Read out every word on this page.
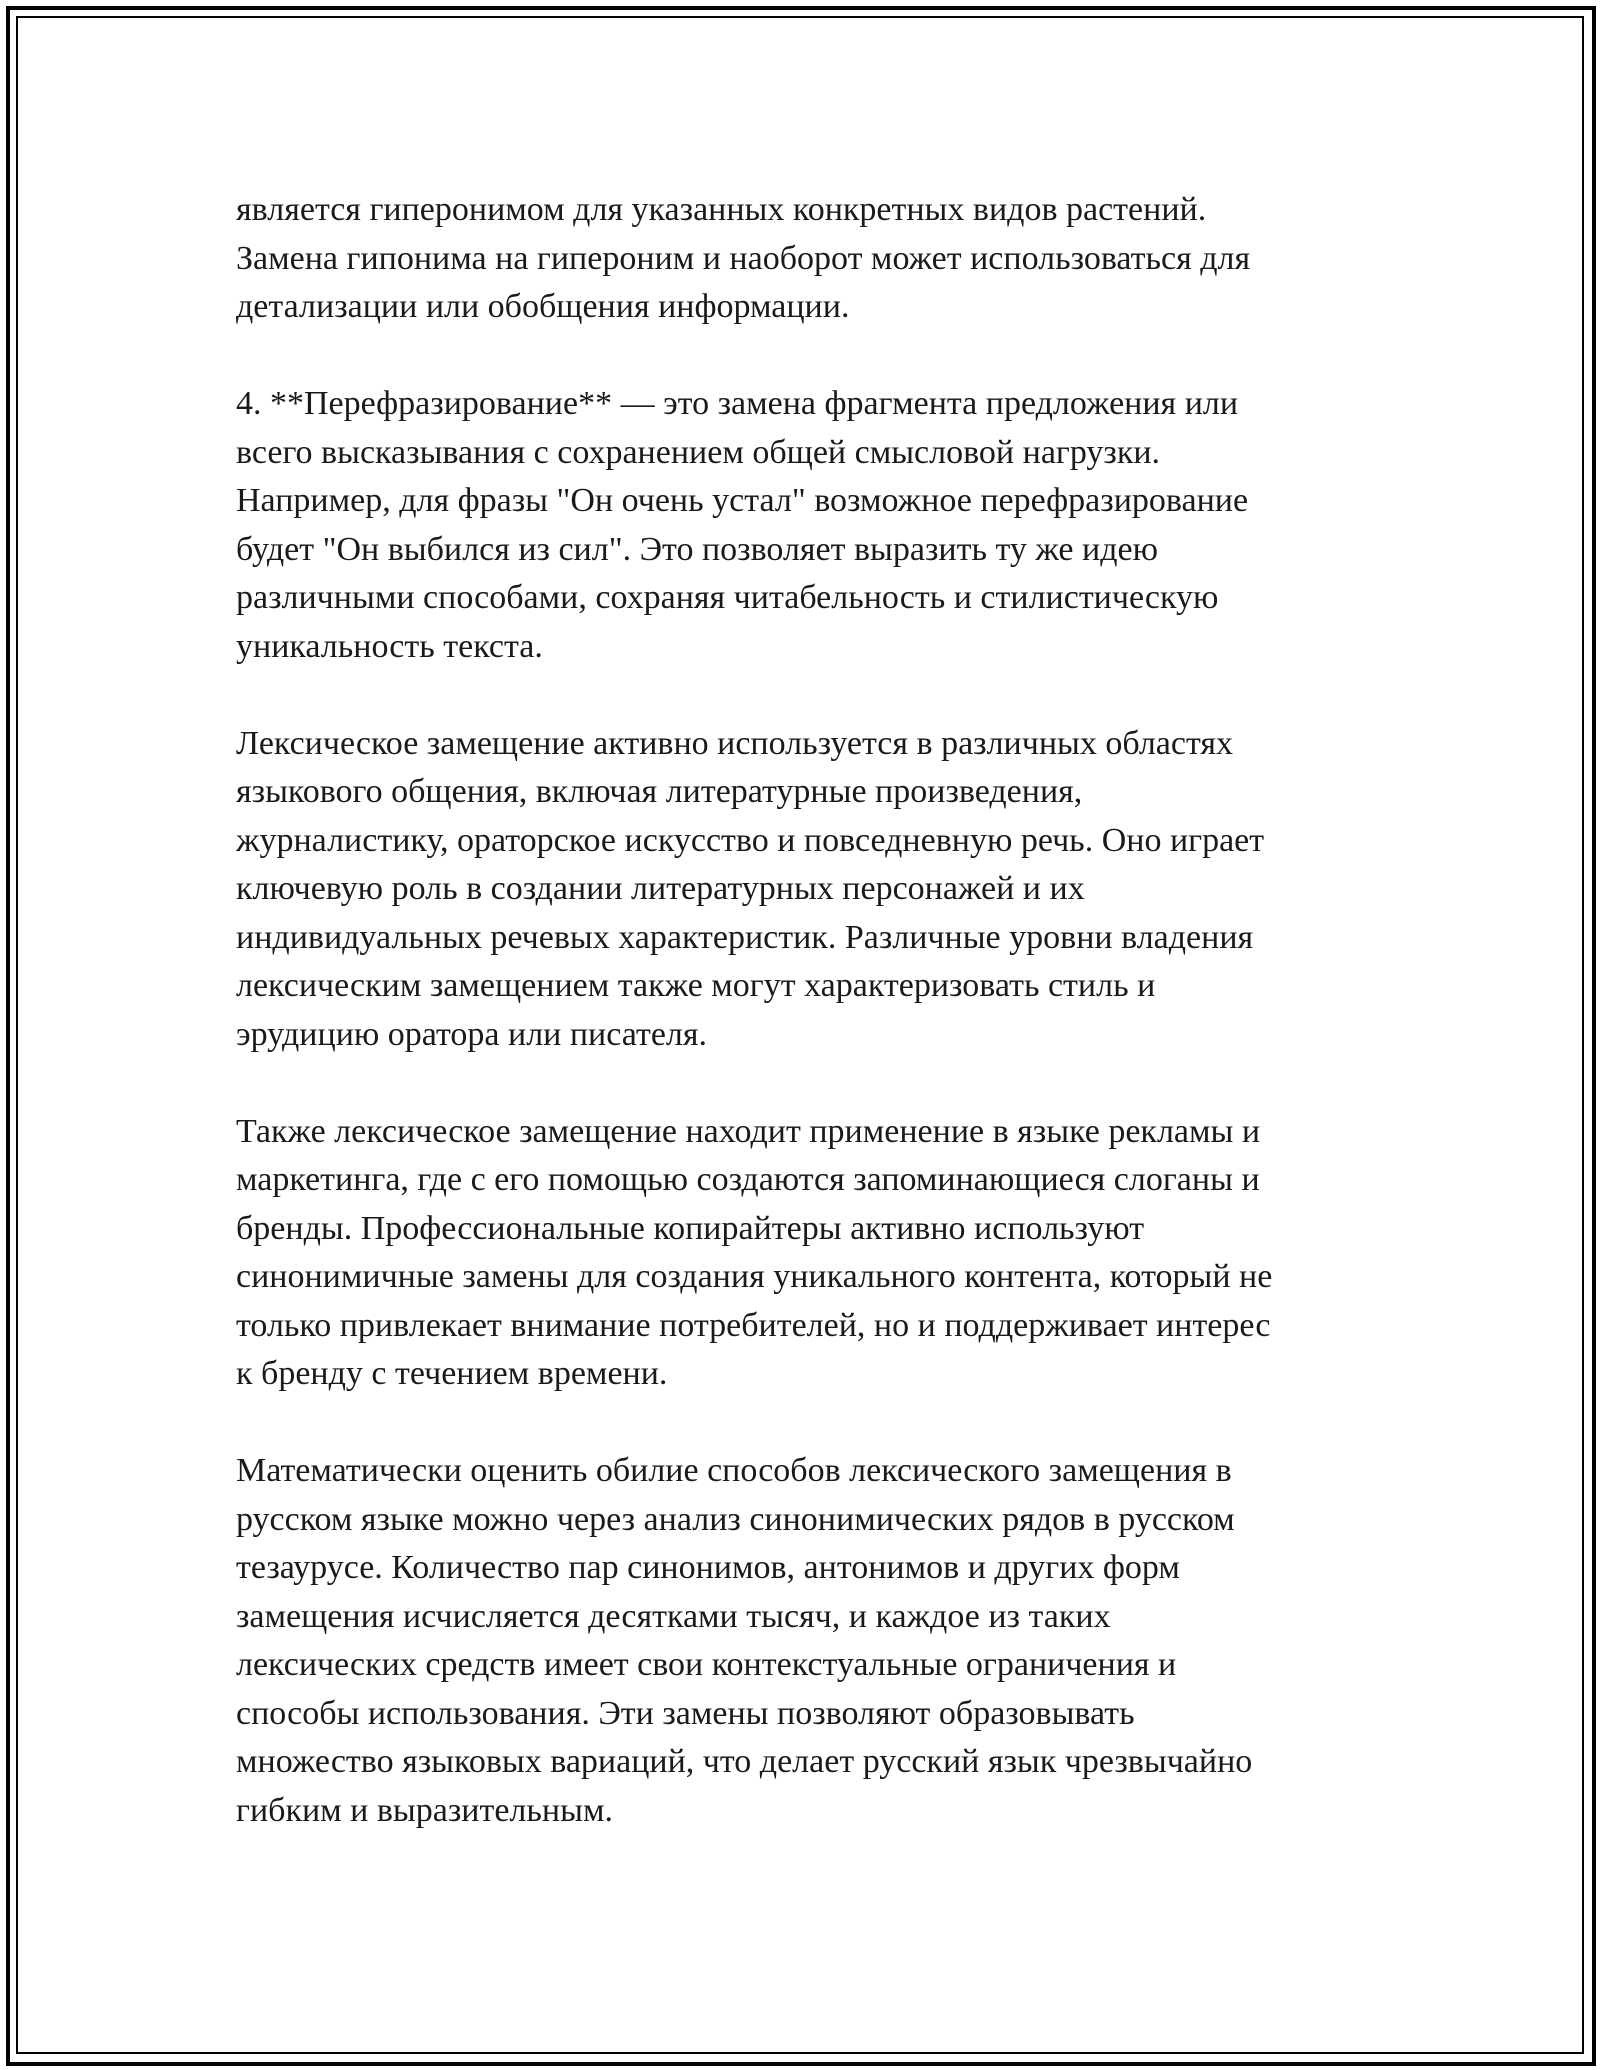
является гиперонимом для указанных конкретных видов растений.
Замена гипонима на гипероним и наоборот может использоваться для
детализации или обобщения информации.

4. **Перефразирование** — это замена фрагмента предложения или
всего высказывания с сохранением общей смысловой нагрузки.
Например, для фразы "Он очень устал" возможное перефразирование
будет "Он выбился из сил". Это позволяет выразить ту же идею
различными способами, сохраняя читабельность и стилистическую
уникальность текста.

Лексическое замещение активно используется в различных областях
языкового общения, включая литературные произведения,
журналистику, ораторское искусство и повседневную речь. Оно играет
ключевую роль в создании литературных персонажей и их
индивидуальных речевых характеристик. Различные уровни владения
лексическим замещением также могут характеризовать стиль и
эрудицию оратора или писателя.

Также лексическое замещение находит применение в языке рекламы и
маркетинга, где с его помощью создаются запоминающиеся слоганы и
бренды. Профессиональные копирайтеры активно используют
синонимичные замены для создания уникального контента, который не
только привлекает внимание потребителей, но и поддерживает интерес
к бренду с течением времени.

Математически оценить обилие способов лексического замещения в
русском языке можно через анализ синонимических рядов в русском
тезаурусе. Количество пар синонимов, антонимов и других форм
замещения исчисляется десятками тысяч, и каждое из таких
лексических средств имеет свои контекстуальные ограничения и
способы использования. Эти замены позволяют образовывать
множество языковых вариаций, что делает русский язык чрезвычайно
гибким и выразительным.
